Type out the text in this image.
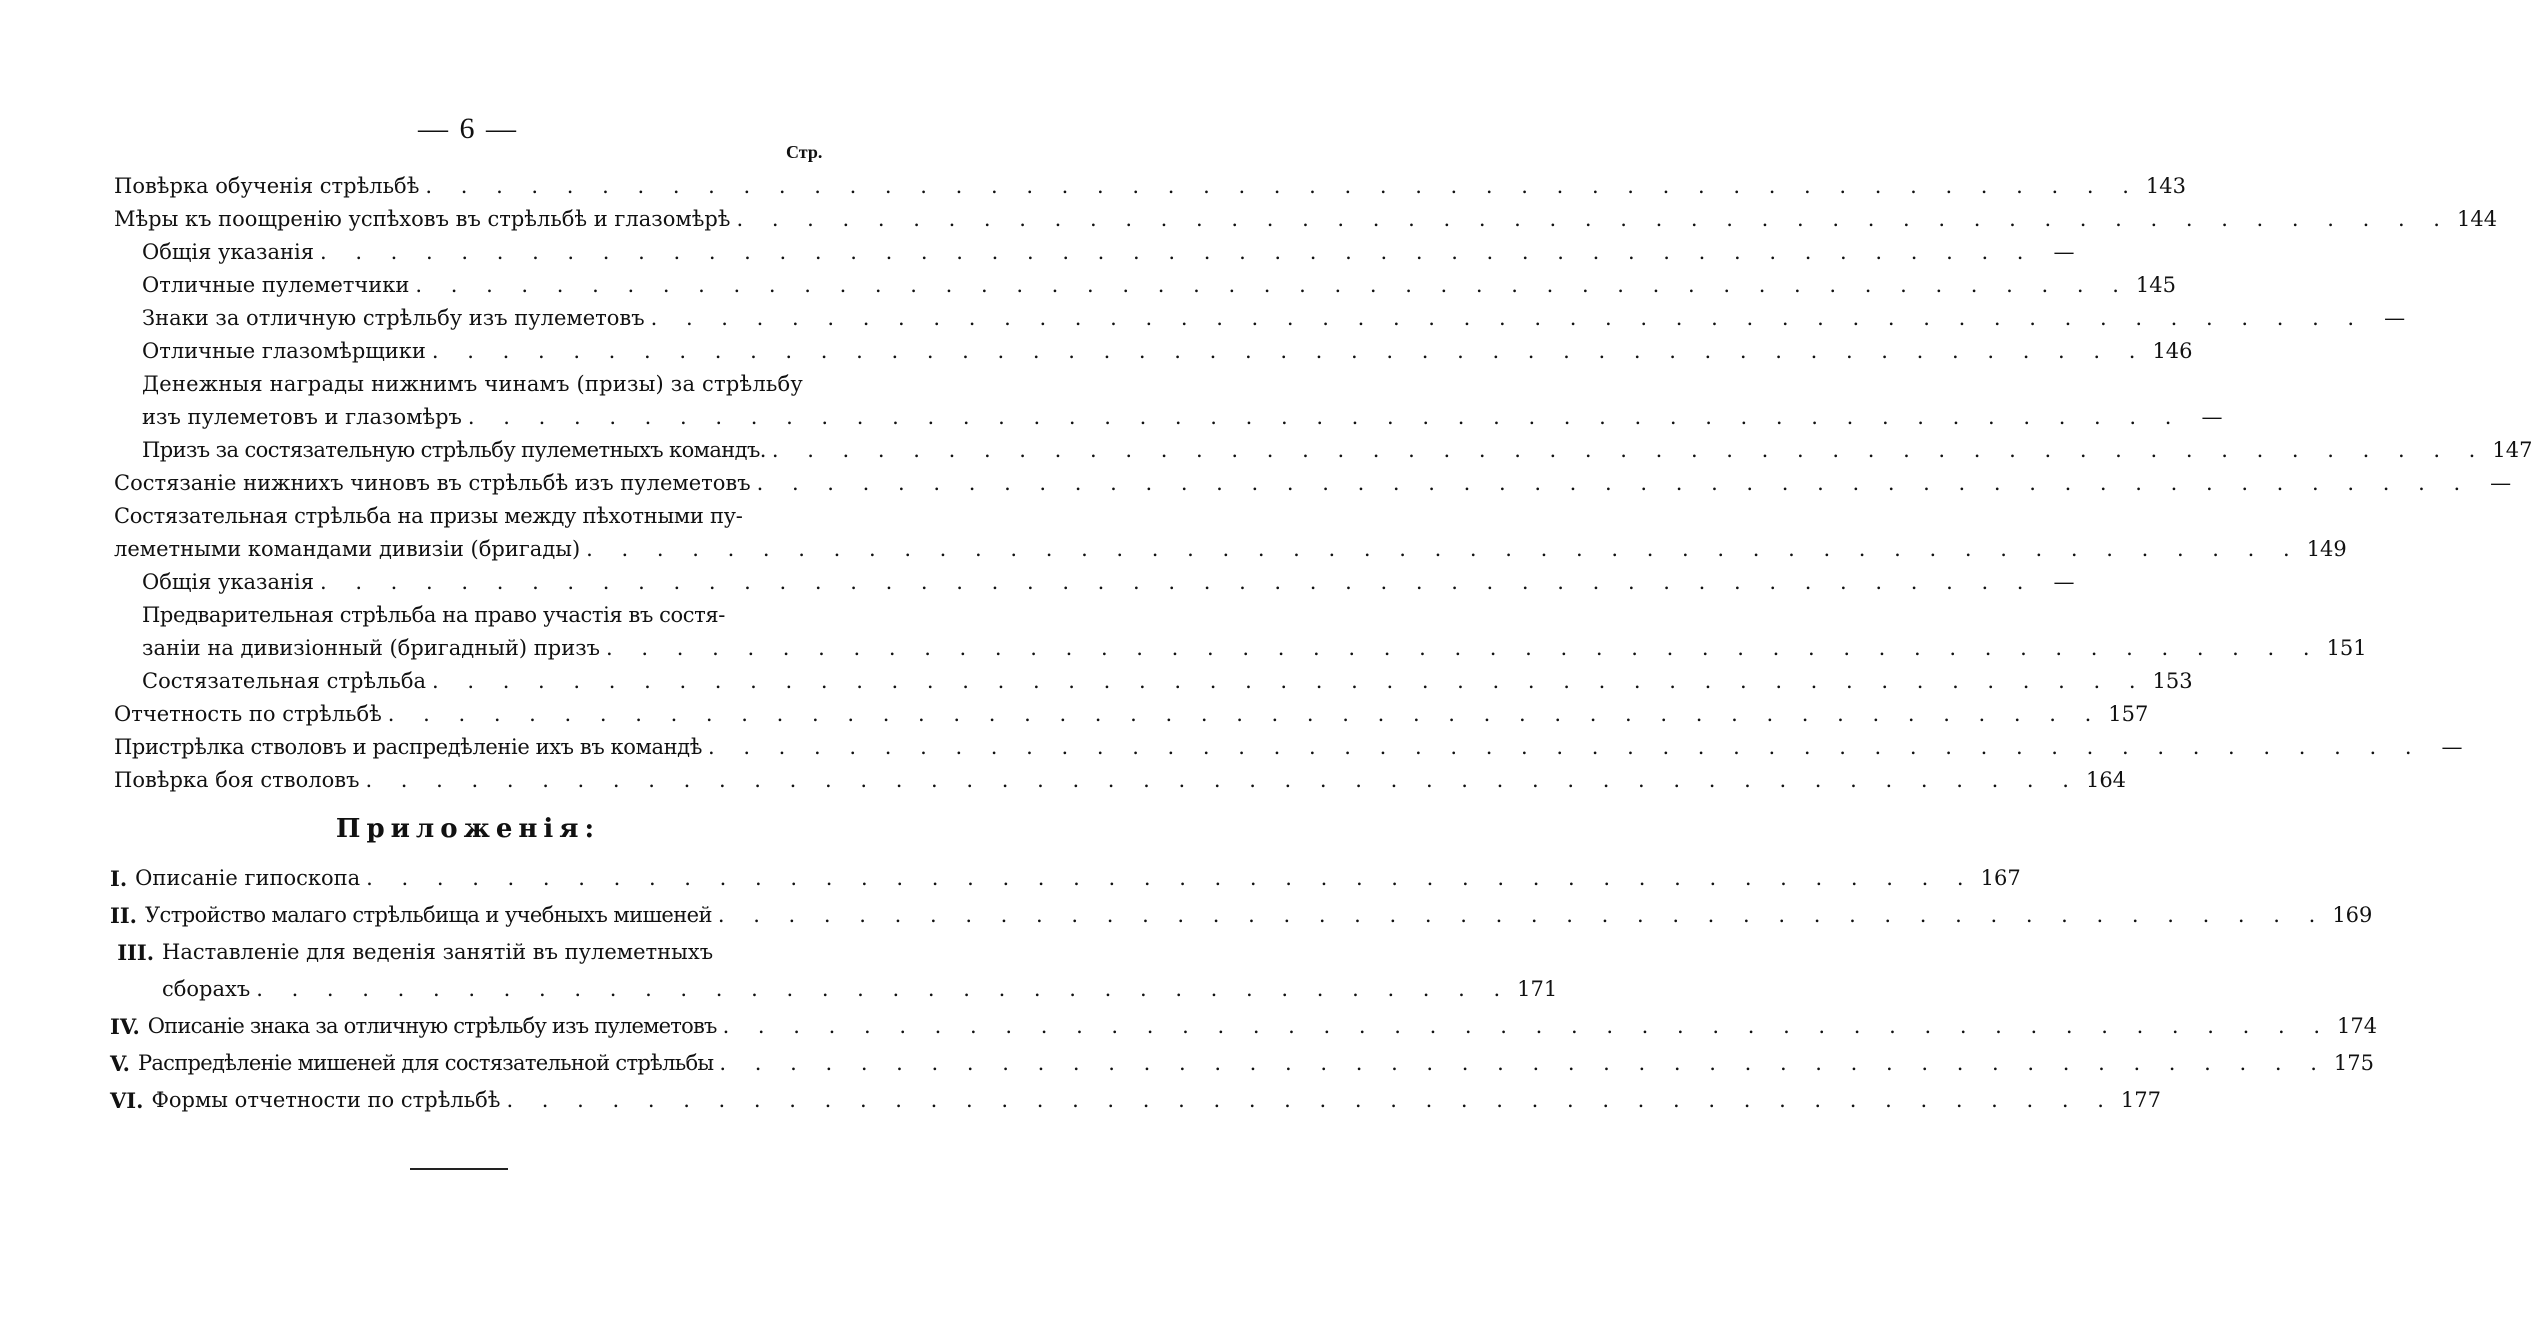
— 6 —
Стр.
Повѣрка обученія стрѣльбѣ . . .	143
Мѣры къ поощренію успѣховъ въ стрѣльбѣ и глазомѣрѣ . . .	144
Общія указанія . . .	—
Отличные пулеметчики . . .	145
Знаки за отличную стрѣльбу изъ пулеметовъ . . .	—
Отличные глазомѣрщики . . .	146
Денежныя награды нижнимъ чинамъ (призы) за стрѣльбу
изъ пулеметовъ и глазомѣръ . . .	—
Призъ за состязательную стрѣльбу пулеметныхъ командъ. . . .	147
Состязаніе нижнихъ чиновъ въ стрѣльбѣ изъ пулеметовъ . . .	—
Состязательная стрѣльба на призы между пѣхотными пу-
леметными командами дивизіи (бригады) . . .	149
Общія указанія . . .	—
Предварительная стрѣльба на право участія въ состя-
заніи на дивизіонный (бригадный) призъ . . .	151
Состязательная стрѣльба . . .	153
Отчетность по стрѣльбѣ . . .	157
Пристрѣлка стволовъ и распредѣленіе ихъ въ командѣ . . .	—
Повѣрка боя стволовъ . . .	164
Приложенія:
I. Описаніе гипоскопа . . .	167
II. Устройство малаго стрѣльбища и учебныхъ мишеней . . .	169
III. Наставленіе для веденія занятій въ пулеметныхъ
сборахъ . . . . . . . . . . . . . . . . . . . . . . . . . . . . . . . . . . . . 171
IV. Описаніе знака за отличную стрѣльбу изъ пулеметовъ . . .	174
V. Распредѣленіе мишеней для состязательной стрѣльбы . . .	175
VI. Формы отчетности по стрѣльбѣ . . .	177
